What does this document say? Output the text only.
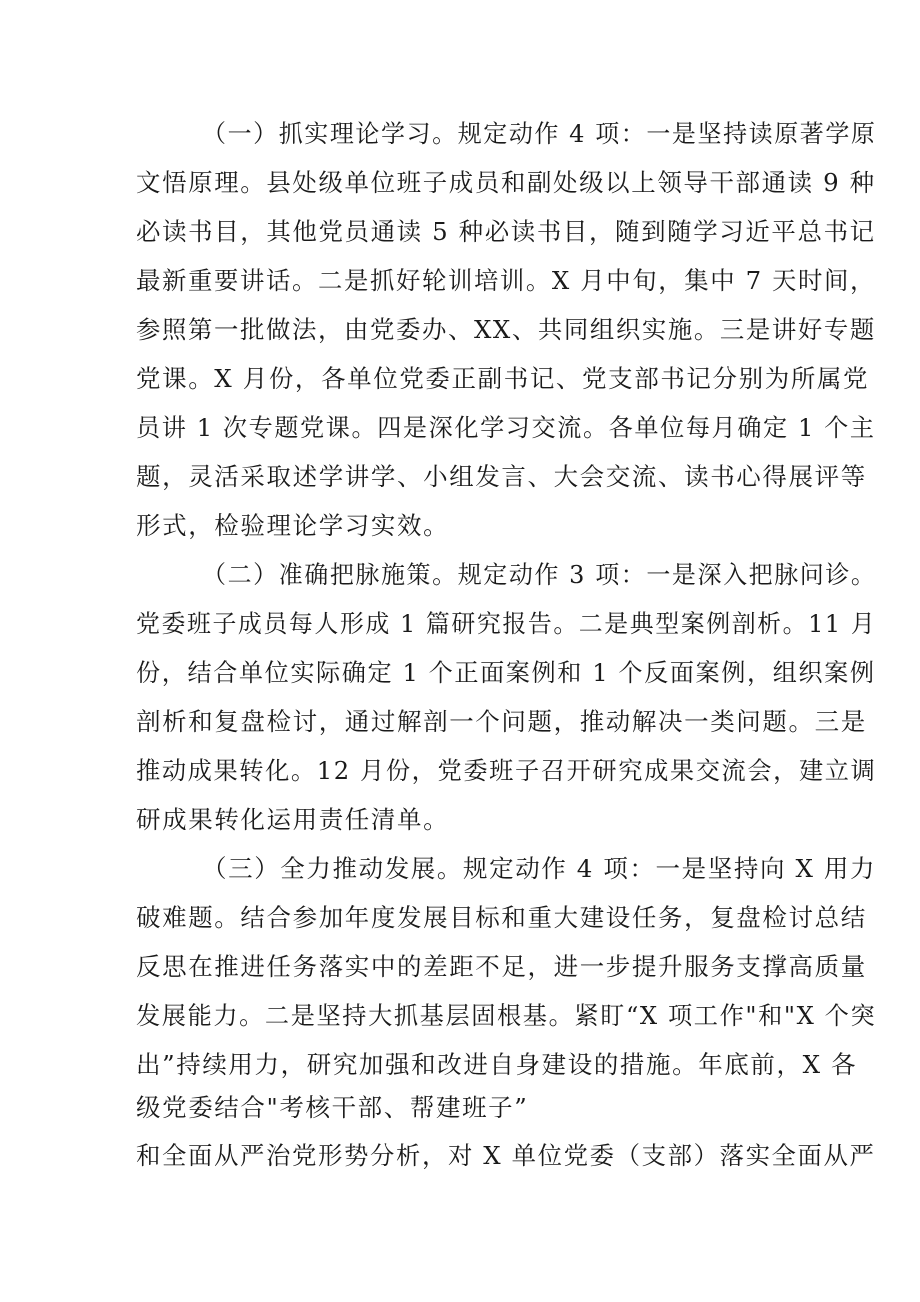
（一）抓实理论学习。规定动作 4 项：一是坚持读原著学原
文悟原理。县处级单位班子成员和副处级以上领导干部通读 9 种
必读书目，其他党员通读 5 种必读书目，随到随学习近平总书记
最新重要讲话。二是抓好轮训培训。X 月中旬，集中 7 天时间，
参照第一批做法，由党委办、XX、共同组织实施。三是讲好专题
党课。X 月份，各单位党委正副书记、党支部书记分别为所属党
员讲 1 次专题党课。四是深化学习交流。各单位每月确定 1 个主
题，灵活采取述学讲学、小组发言、大会交流、读书心得展评等
形式，检验理论学习实效。
（二）准确把脉施策。规定动作 3 项：一是深入把脉问诊。
党委班子成员每人形成 1 篇研究报告。二是典型案例剖析。11 月
份，结合单位实际确定 1 个正面案例和 1 个反面案例，组织案例
剖析和复盘检讨，通过解剖一个问题，推动解决一类问题。三是
推动成果转化。12 月份，党委班子召开研究成果交流会，建立调
研成果转化运用责任清单。
（三）全力推动发展。规定动作 4 项：一是坚持向 X 用力
破难题。结合参加年度发展目标和重大建设任务，复盘检讨总结
反思在推进任务落实中的差距不足，进一步提升服务支撑高质量
发展能力。二是坚持大抓基层固根基。紧盯“X 项工作"和"X 个突
出”持续用力，研究加强和改进自身建设的措施。年底前，X 各
级党委结合"考核干部、帮建班子”
和全面从严治党形势分析，对 X 单位党委（支部）落实全面从严
